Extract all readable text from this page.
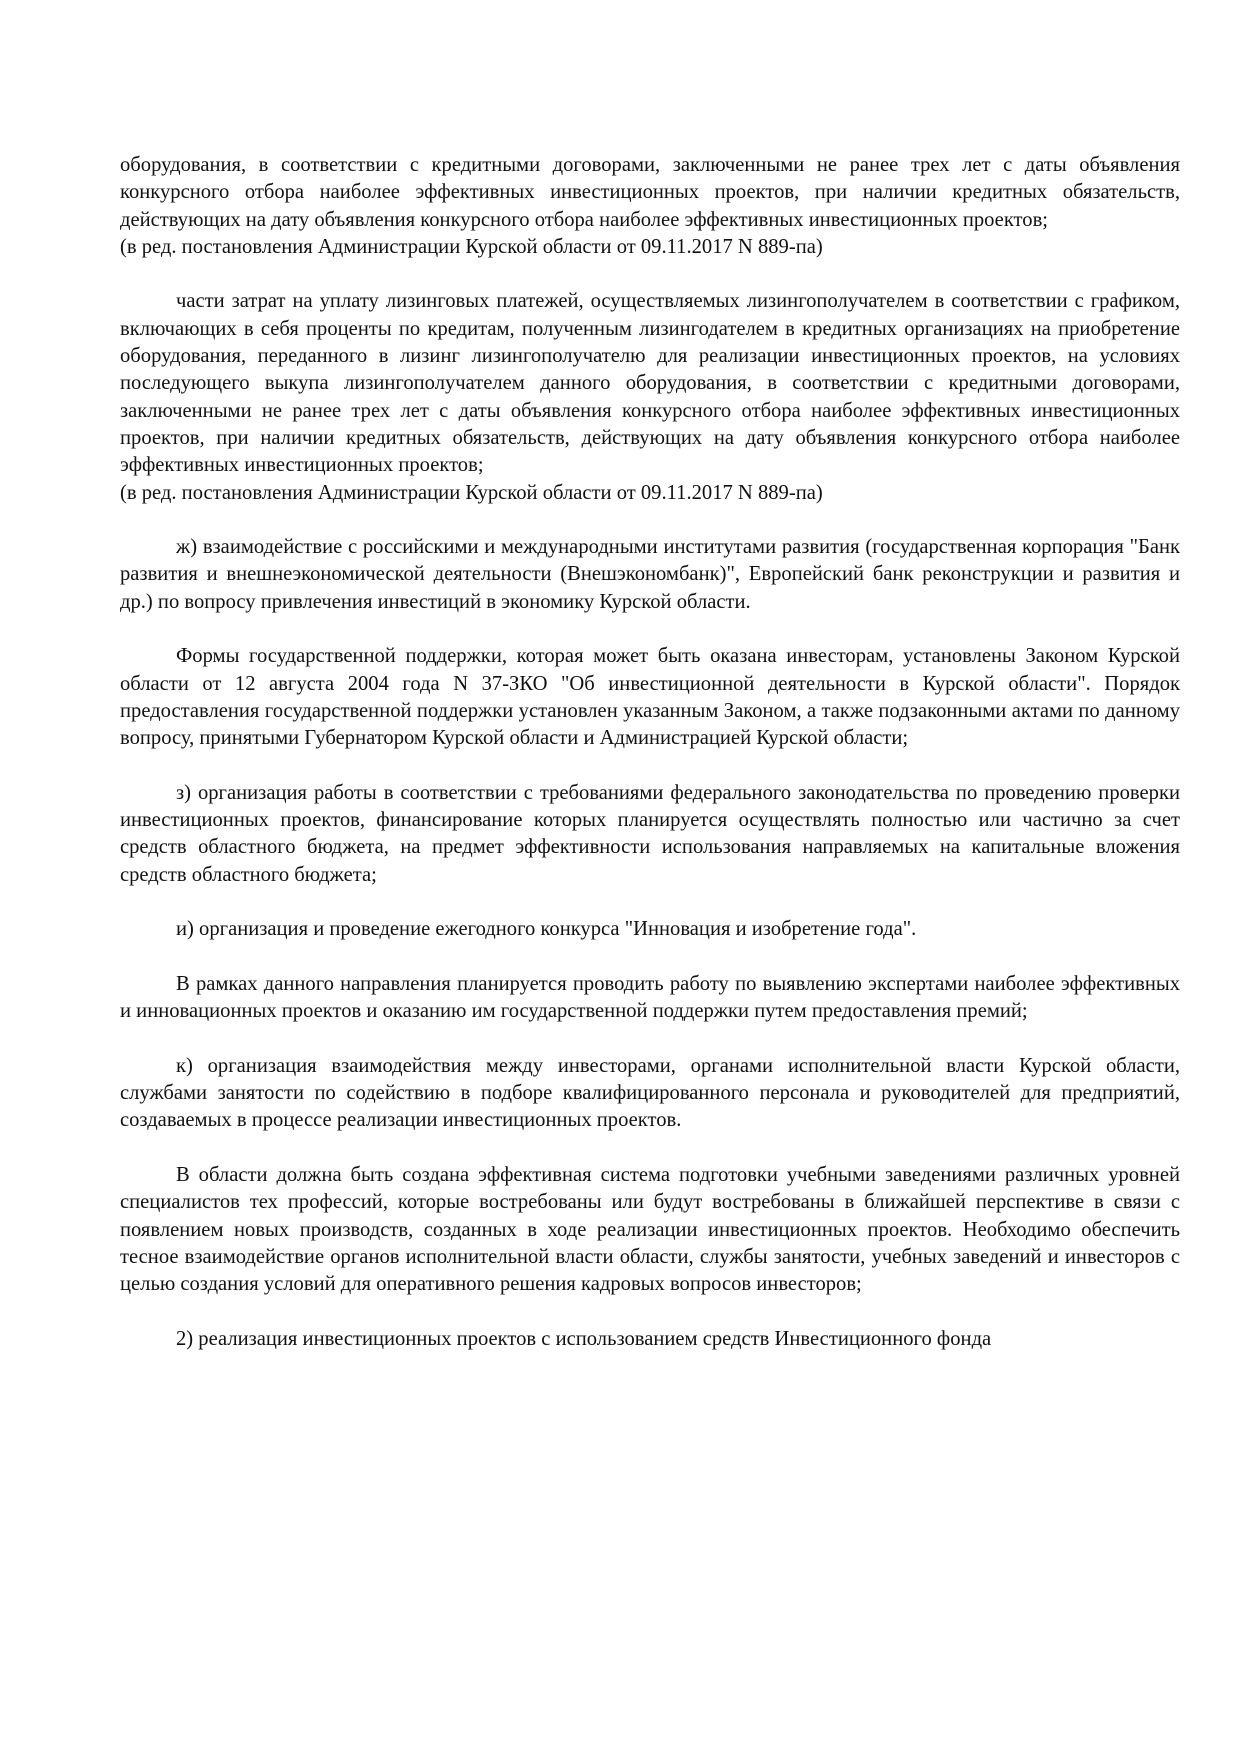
оборудования, в соответствии с кредитными договорами, заключенными не ранее трех лет с даты объявления конкурсного отбора наиболее эффективных инвестиционных проектов, при наличии кредитных обязательств, действующих на дату объявления конкурсного отбора наиболее эффективных инвестиционных проектов;

(в ред. постановления Администрации Курской области от 09.11.2017 N 889-па)

части затрат на уплату лизинговых платежей, осуществляемых лизингополучателем в соответствии с графиком, включающих в себя проценты по кредитам, полученным лизингодателем в кредитных организациях на приобретение оборудования, переданного в лизинг лизингополучателю для реализации инвестиционных проектов, на условиях последующего выкупа лизингополучателем данного оборудования, в соответствии с кредитными договорами, заключенными не ранее трех лет с даты объявления конкурсного отбора наиболее эффективных инвестиционных проектов, при наличии кредитных обязательств, действующих на дату объявления конкурсного отбора наиболее эффективных инвестиционных проектов;

(в ред. постановления Администрации Курской области от 09.11.2017 N 889-па)

ж) взаимодействие с российскими и международными институтами развития (государственная корпорация "Банк развития и внешнеэкономической деятельности (Внешэкономбанк)", Европейский банк реконструкции и развития и др.) по вопросу привлечения инвестиций в экономику Курской области.

Формы государственной поддержки, которая может быть оказана инвесторам, установлены Законом Курской области от 12 августа 2004 года N 37-ЗКО "Об инвестиционной деятельности в Курской области". Порядок предоставления государственной поддержки установлен указанным Законом, а также подзаконными актами по данному вопросу, принятыми Губернатором Курской области и Администрацией Курской области;

з) организация работы в соответствии с требованиями федерального законодательства по проведению проверки инвестиционных проектов, финансирование которых планируется осуществлять полностью или частично за счет средств областного бюджета, на предмет эффективности использования направляемых на капитальные вложения средств областного бюджета;

и) организация и проведение ежегодного конкурса "Инновация и изобретение года".

В рамках данного направления планируется проводить работу по выявлению экспертами наиболее эффективных и инновационных проектов и оказанию им государственной поддержки путем предоставления премий;

к) организация взаимодействия между инвесторами, органами исполнительной власти Курской области, службами занятости по содействию в подборе квалифицированного персонала и руководителей для предприятий, создаваемых в процессе реализации инвестиционных проектов.

В области должна быть создана эффективная система подготовки учебными заведениями различных уровней специалистов тех профессий, которые востребованы или будут востребованы в ближайшей перспективе в связи с появлением новых производств, созданных в ходе реализации инвестиционных проектов. Необходимо обеспечить тесное взаимодействие органов исполнительной власти области, службы занятости, учебных заведений и инвесторов с целью создания условий для оперативного решения кадровых вопросов инвесторов;

2) реализация инвестиционных проектов с использованием средств Инвестиционного фонда
